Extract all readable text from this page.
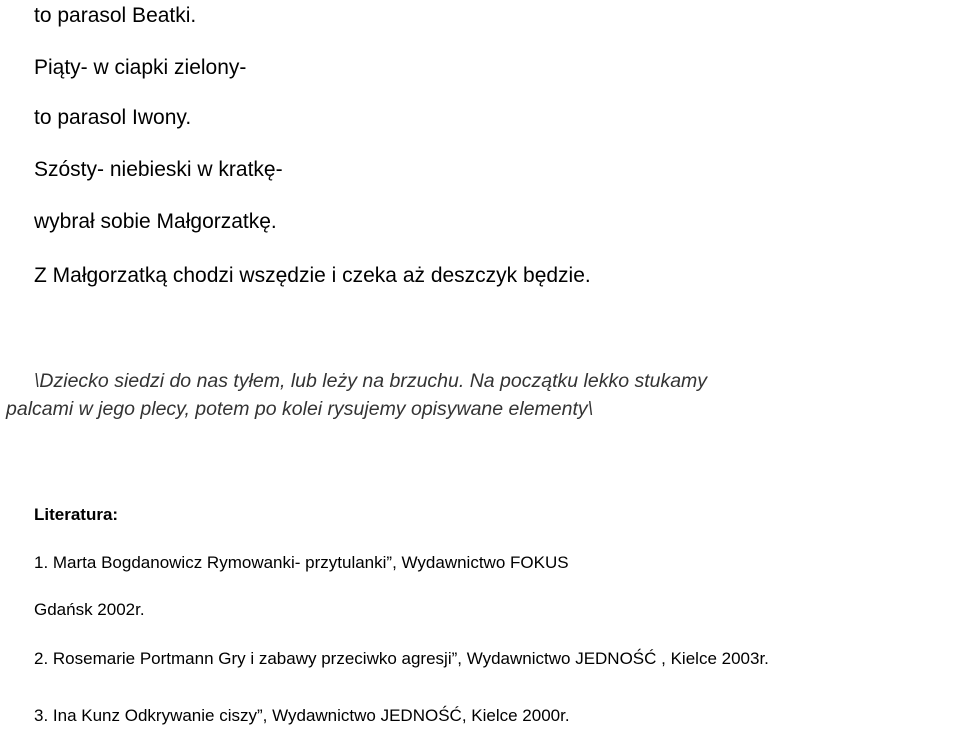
to parasol Beatki.

Piąty- w ciapki zielony-

to parasol Iwony.

Szósty- niebieski w kratkę-

wybrał sobie Małgorzatkę.

Z Małgorzatką chodzi wszędzie i czeka aż deszczyk będzie.

\Dziecko siedzi do nas tyłem, lub leży na brzuchu. Na początku lekko stukamy
palcami w jego plecy, potem po kolei rysujemy opisywane elementy\

Literatura:

1. Marta Bogdanowicz Rymowanki- przytulanki”, Wydawnictwo FOKUS

Gdańsk 2002r.

2. Rosemarie Portmann Gry i zabawy przeciwko agresji”, Wydawnictwo JEDNOŚĆ , Kielce 2003r.

3. Ina Kunz Odkrywanie ciszy”, Wydawnictwo JEDNOŚĆ, Kielce 2000r.
